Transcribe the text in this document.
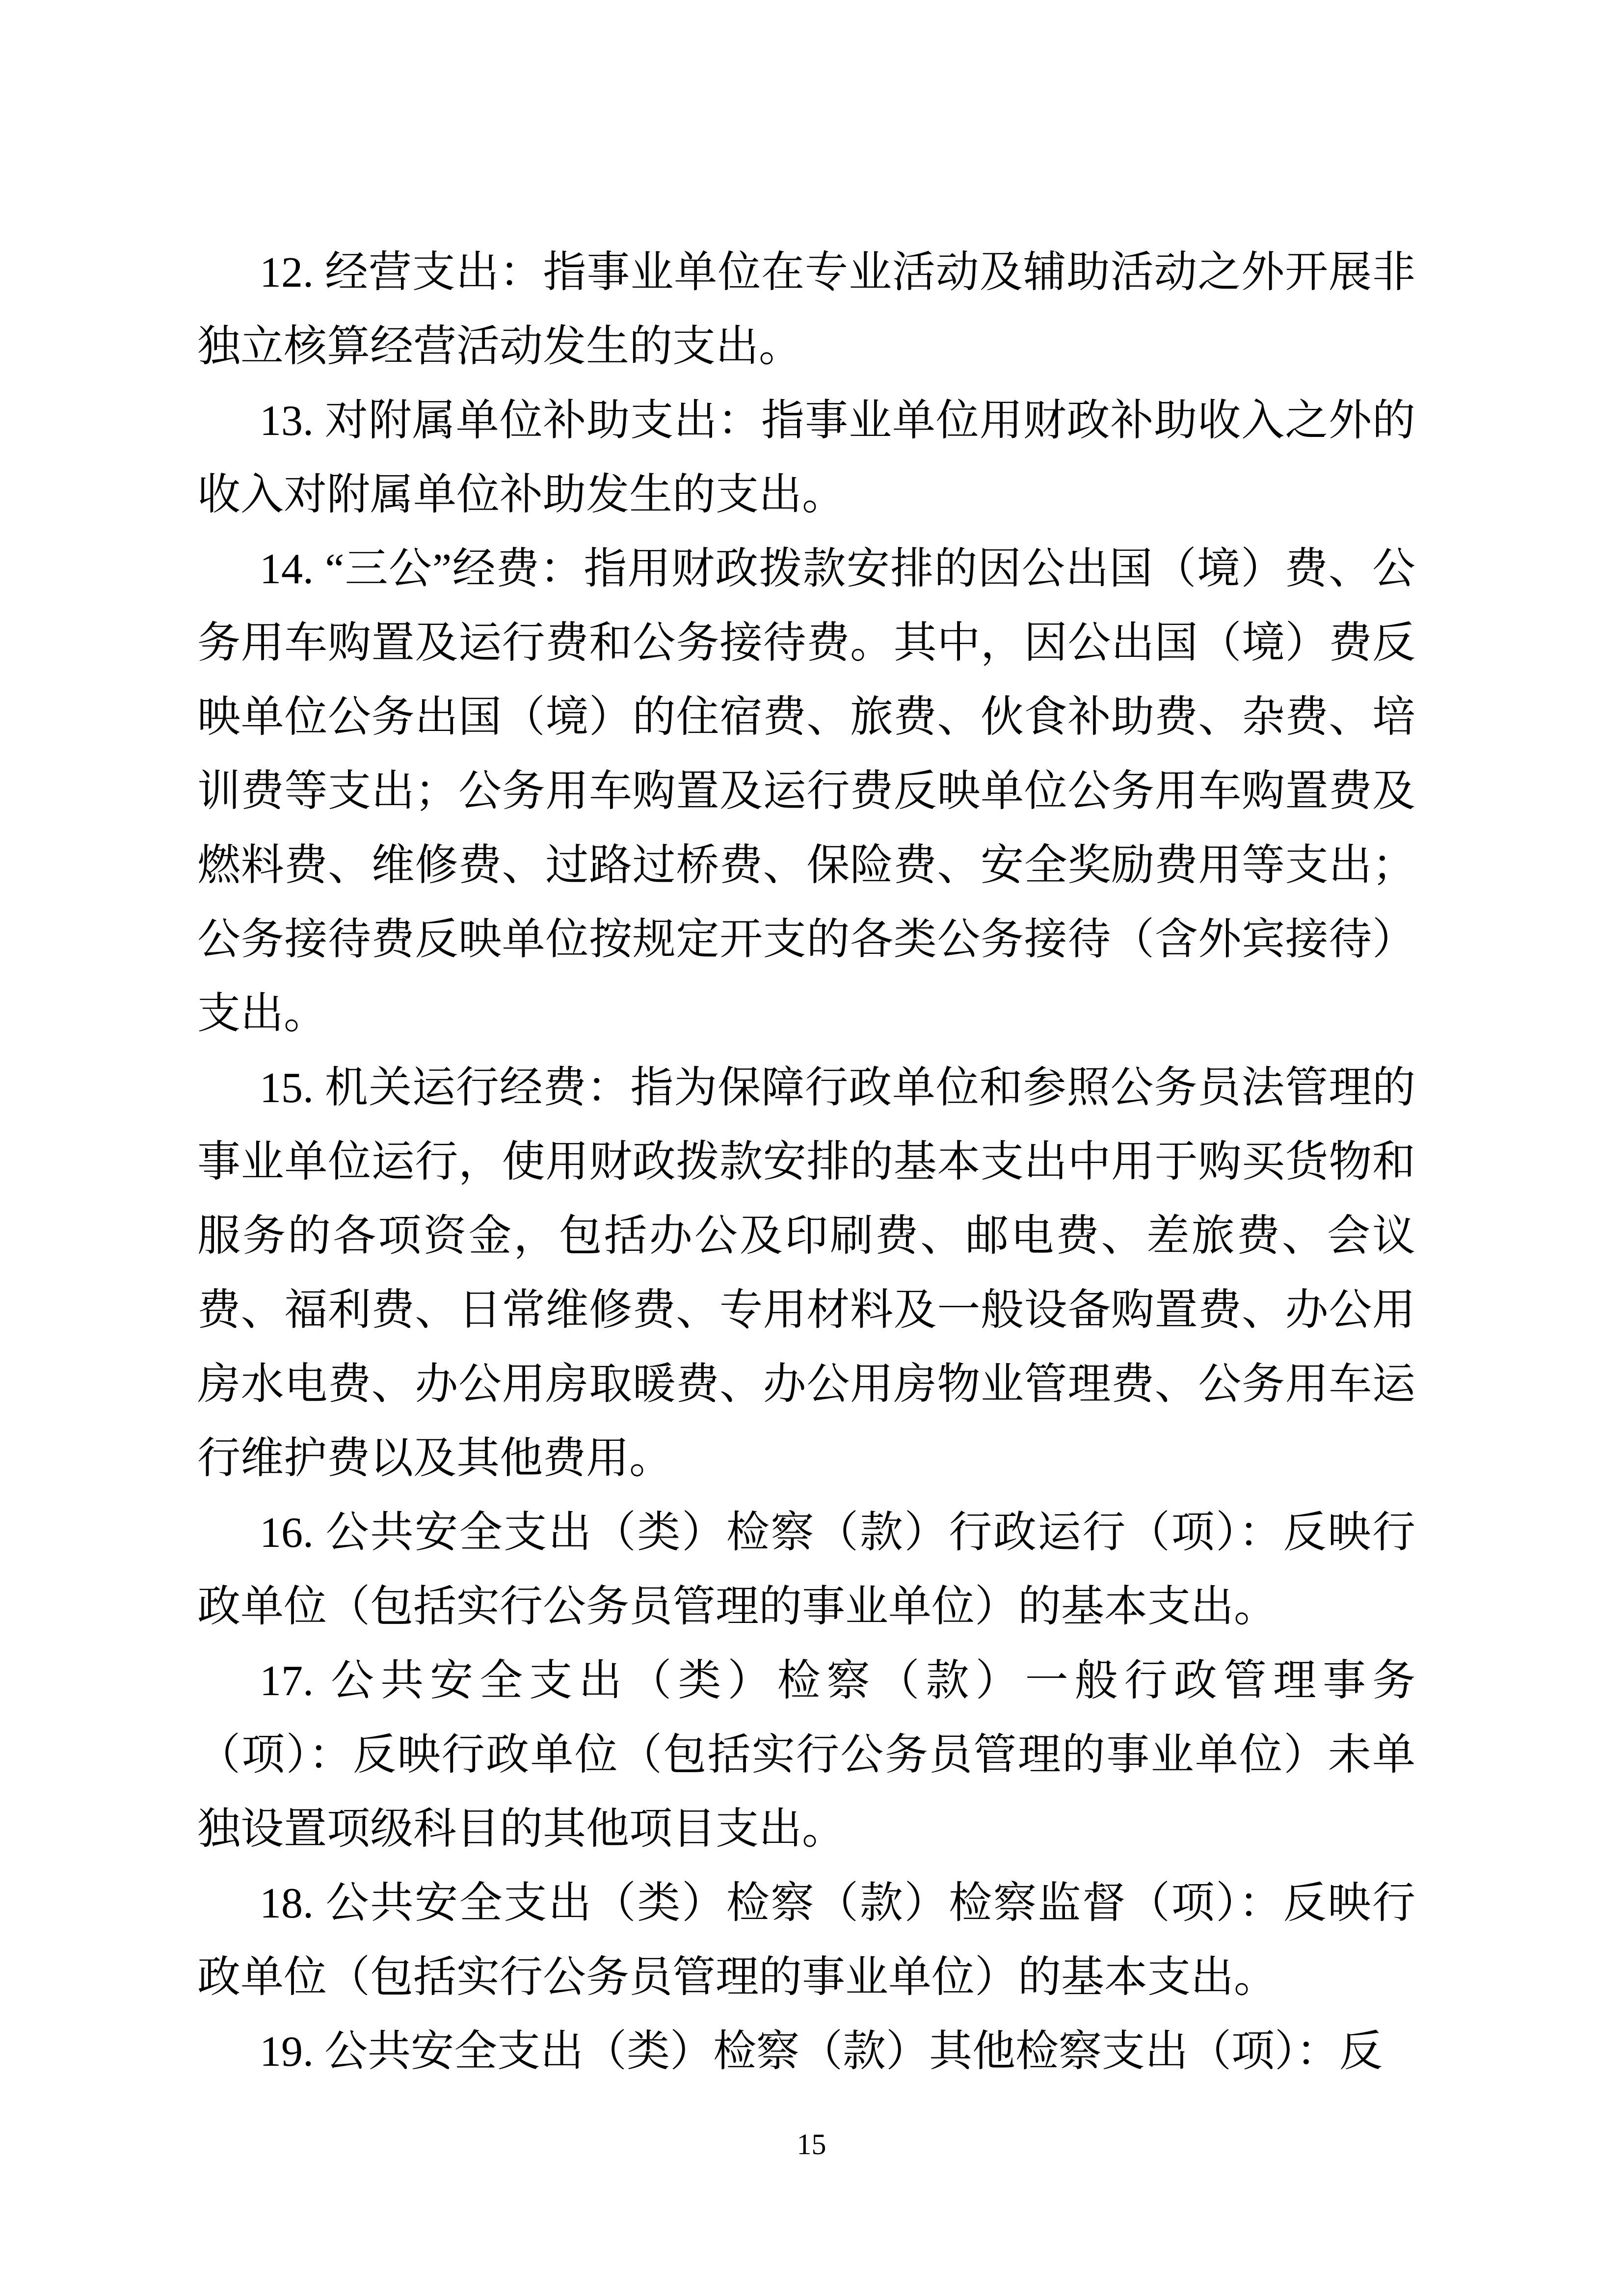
12. 经营支出：指事业单位在专业活动及辅助活动之外开展非独立核算经营活动发生的支出。

13. 对附属单位补助支出：指事业单位用财政补助收入之外的收入对附属单位补助发生的支出。

14. “三公”经费：指用财政拨款安排的因公出国（境）费、公务用车购置及运行费和公务接待费。其中，因公出国（境）费反映单位公务出国（境）的住宿费、旅费、伙食补助费、杂费、培训费等支出；公务用车购置及运行费反映单位公务用车购置费及燃料费、维修费、过路过桥费、保险费、安全奖励费用等支出；公务接待费反映单位按规定开支的各类公务接待（含外宾接待）支出。

15. 机关运行经费：指为保障行政单位和参照公务员法管理的事业单位运行，使用财政拨款安排的基本支出中用于购买货物和服务的各项资金，包括办公及印刷费、邮电费、差旅费、会议费、福利费、日常维修费、专用材料及一般设备购置费、办公用房水电费、办公用房取暖费、办公用房物业管理费、公务用车运行维护费以及其他费用。

16. 公共安全支出（类）检察（款）行政运行（项）：反映行政单位（包括实行公务员管理的事业单位）的基本支出。

17. 公共安全支出（类）检察（款）一般行政管理事务（项）：反映行政单位（包括实行公务员管理的事业单位）未单独设置项级科目的其他项目支出。

18. 公共安全支出（类）检察（款）检察监督（项）：反映行政单位（包括实行公务员管理的事业单位）的基本支出。

19. 公共安全支出（类）检察（款）其他检察支出（项）：反

15
